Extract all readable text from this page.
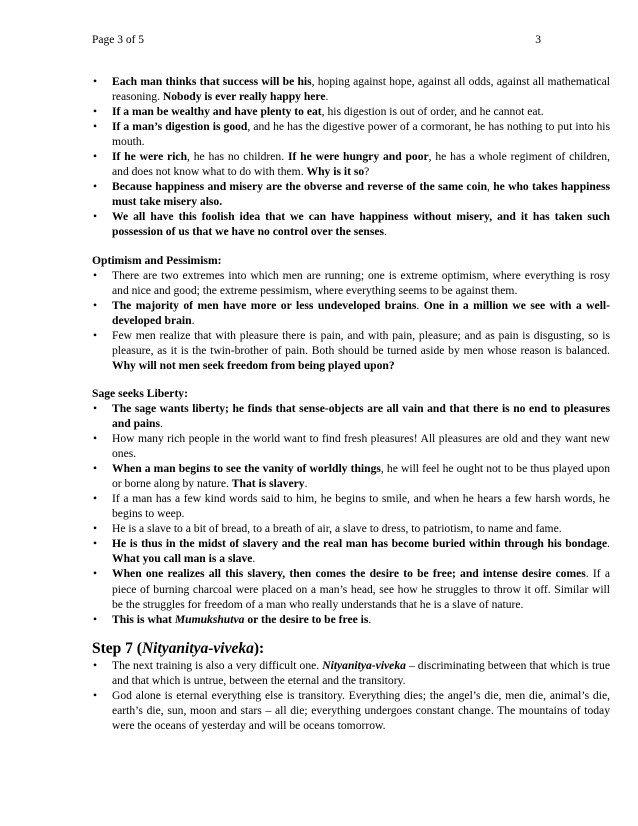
Page 3 of 5	3
• Each man thinks that success will be his, hoping against hope, against all odds, against all mathematical reasoning. Nobody is ever really happy here.
• If a man be wealthy and have plenty to eat, his digestion is out of order, and he cannot eat.
• If a man’s digestion is good, and he has the digestive power of a cormorant, he has nothing to put into his mouth.
• If he were rich, he has no children. If he were hungry and poor, he has a whole regiment of children, and does not know what to do with them. Why is it so?
• Because happiness and misery are the obverse and reverse of the same coin, he who takes happiness must take misery also.
• We all have this foolish idea that we can have happiness without misery, and it has taken such possession of us that we have no control over the senses.
Optimism and Pessimism:
• There are two extremes into which men are running; one is extreme optimism, where everything is rosy and nice and good; the extreme pessimism, where everything seems to be against them.
• The majority of men have more or less undeveloped brains. One in a million we see with a well-developed brain.
• Few men realize that with pleasure there is pain, and with pain, pleasure; and as pain is disgusting, so is pleasure, as it is the twin-brother of pain. Both should be turned aside by men whose reason is balanced. Why will not men seek freedom from being played upon?
Sage seeks Liberty:
• The sage wants liberty; he finds that sense-objects are all vain and that there is no end to pleasures and pains.
• How many rich people in the world want to find fresh pleasures! All pleasures are old and they want new ones.
• When a man begins to see the vanity of worldly things, he will feel he ought not to be thus played upon or borne along by nature. That is slavery.
• If a man has a few kind words said to him, he begins to smile, and when he hears a few harsh words, he begins to weep.
• He is a slave to a bit of bread, to a breath of air, a slave to dress, to patriotism, to name and fame.
• He is thus in the midst of slavery and the real man has become buried within through his bondage. What you call man is a slave.
• When one realizes all this slavery, then comes the desire to be free; and intense desire comes. If a piece of burning charcoal were placed on a man’s head, see how he struggles to throw it off. Similar will be the struggles for freedom of a man who really understands that he is a slave of nature.
• This is what Mumukshutva or the desire to be free is.
Step 7 (Nityanitya-viveka):
• The next training is also a very difficult one. Nityanitya-viveka – discriminating between that which is true and that which is untrue, between the eternal and the transitory.
• God alone is eternal everything else is transitory. Everything dies; the angel’s die, men die, animal’s die, earth’s die, sun, moon and stars – all die; everything undergoes constant change. The mountains of today were the oceans of yesterday and will be oceans tomorrow.
